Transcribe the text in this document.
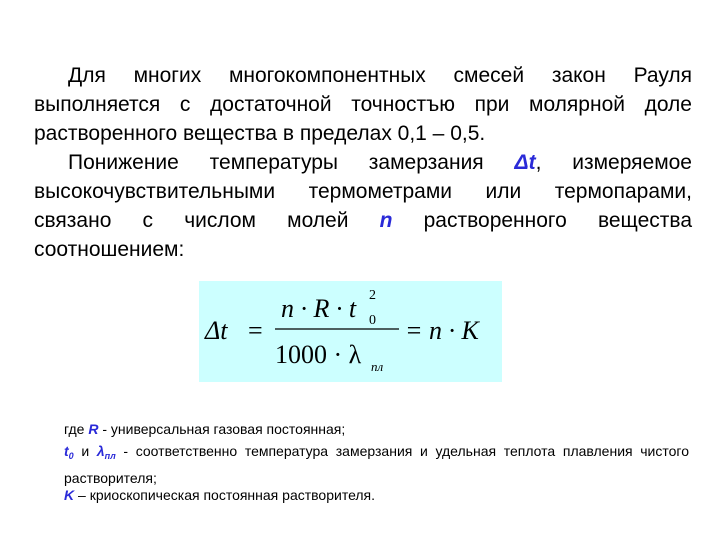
Для многих многокомпонентных смесей закон Рауля выполняется с достаточной точностъю при молярной доле растворенного вещества в пределах 0,1 – 0,5.

Понижение температуры замерзания Δt, измеряемое высокочувствительными термометрами или термопарами, связано с числом молей n растворенного вещества соотношением:

Δt =
n · R · t 2
0
1000 · λ пл
= n · K

где R - универсальная газовая постоянная;

$t_0$ и $\lambda_{пл}$ - соответственно температура замерзания и удельная теплота плавления чистого растворителя;

K – криоскопическая постоянная растворителя.
